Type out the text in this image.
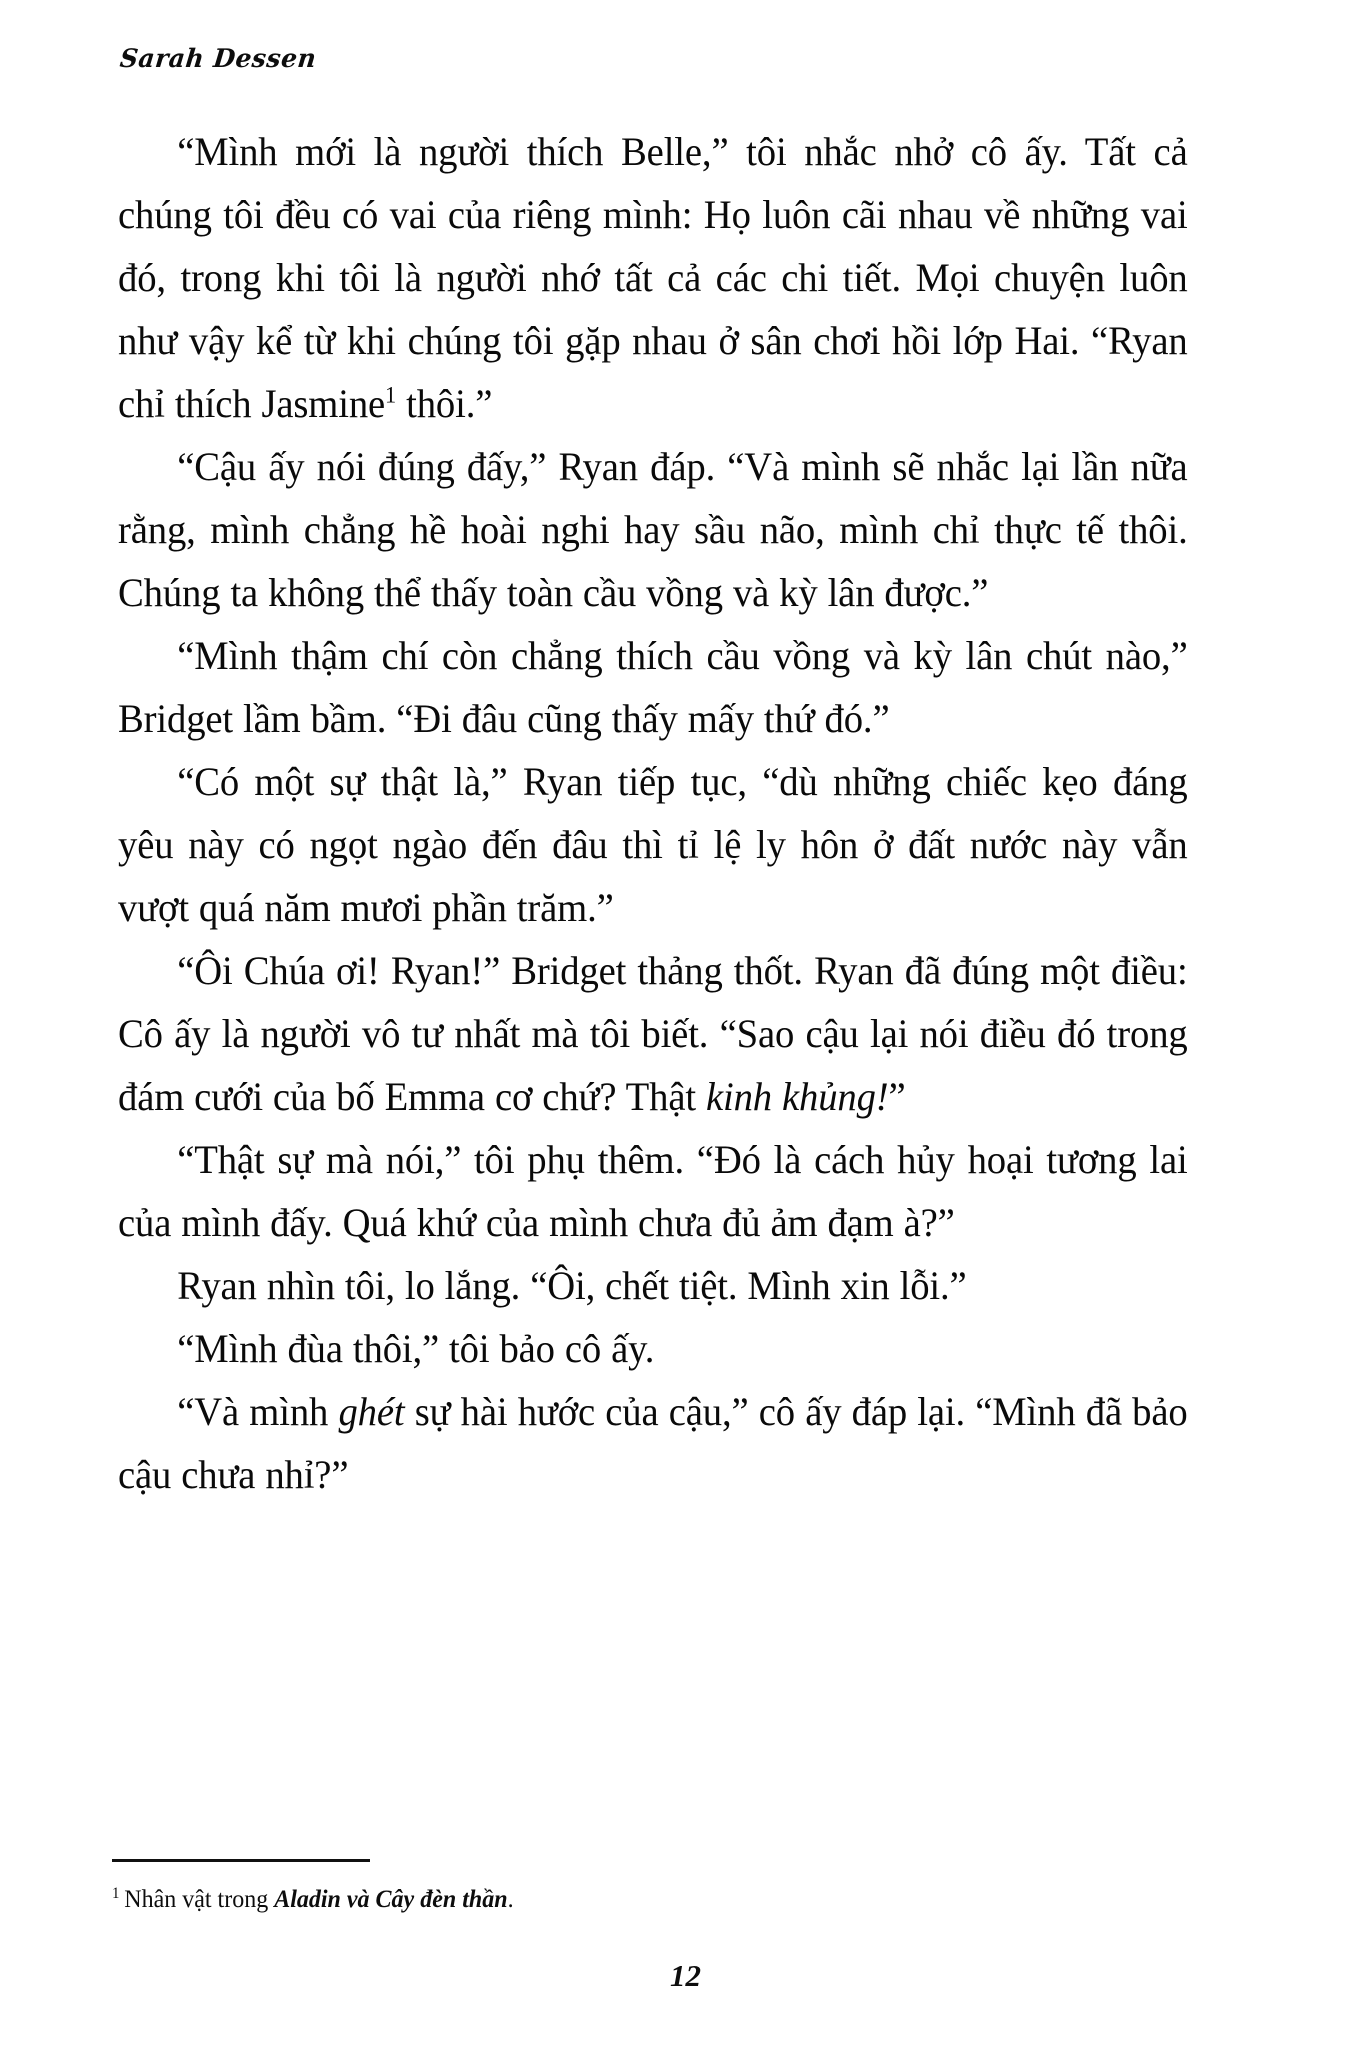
Sarah Dessen

“Mình mới là người thích Belle,” tôi nhắc nhở cô ấy. Tất cả chúng tôi đều có vai của riêng mình: Họ luôn cãi nhau về những vai đó, trong khi tôi là người nhớ tất cả các chi tiết. Mọi chuyện luôn như vậy kể từ khi chúng tôi gặp nhau ở sân chơi hồi lớp Hai. “Ryan chỉ thích Jasmine$^1$ thôi.”

“Cậu ấy nói đúng đấy,” Ryan đáp. “Và mình sẽ nhắc lại lần nữa rằng, mình chẳng hề hoài nghi hay sầu não, mình chỉ thực tế thôi. Chúng ta không thể thấy toàn cầu vồng và kỳ lân được.”

“Mình thậm chí còn chẳng thích cầu vồng và kỳ lân chút nào,” Bridget lầm bầm. “Đi đâu cũng thấy mấy thứ đó.”

“Có một sự thật là,” Ryan tiếp tục, “dù những chiếc kẹo đáng yêu này có ngọt ngào đến đâu thì tỉ lệ ly hôn ở đất nước này vẫn vượt quá năm mươi phần trăm.”

“Ôi Chúa ơi! Ryan!” Bridget thảng thốt. Ryan đã đúng một điều: Cô ấy là người vô tư nhất mà tôi biết. “Sao cậu lại nói điều đó trong đám cưới của bố Emma cơ chứ? Thật kinh khủng!”

“Thật sự mà nói,” tôi phụ thêm. “Đó là cách hủy hoại tương lai của mình đấy. Quá khứ của mình chưa đủ ảm đạm à?”

Ryan nhìn tôi, lo lắng. “Ôi, chết tiệt. Mình xin lỗi.”

“Mình đùa thôi,” tôi bảo cô ấy.

“Và mình ghét sự hài hước của cậu,” cô ấy đáp lại. “Mình đã bảo cậu chưa nhỉ?”

$^1$ Nhân vật trong Aladin và Cây đèn thần.
12
